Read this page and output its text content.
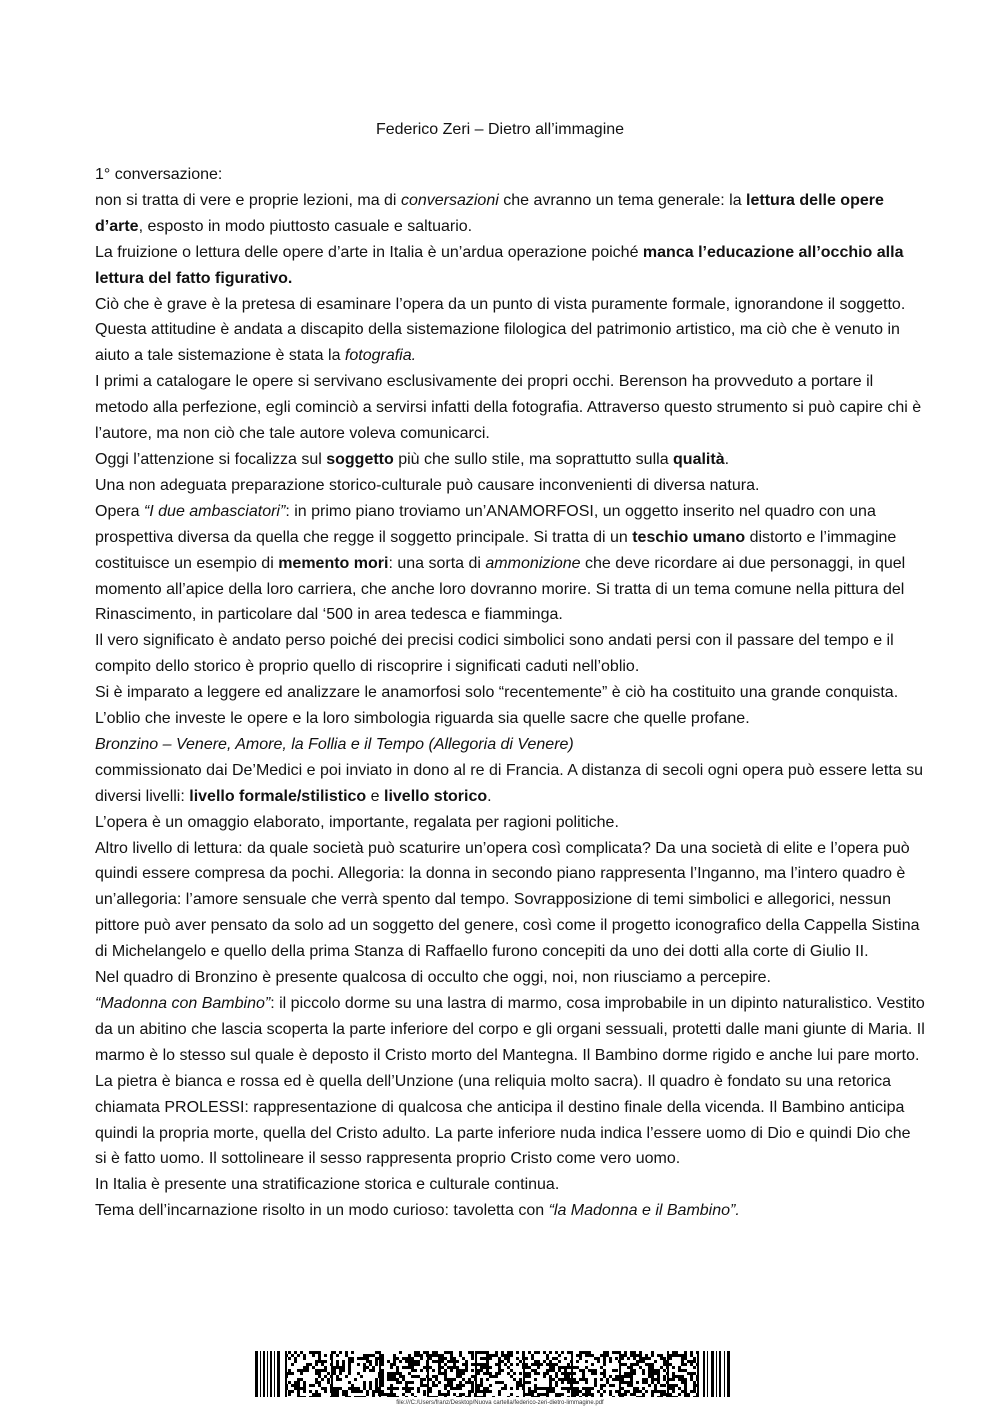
Federico Zeri – Dietro all’immagine

1° conversazione:

non si tratta di vere e proprie lezioni, ma di conversazioni che avranno un tema generale: la lettura delle opere d’arte, esposto in modo piuttosto casuale e saltuario.

La fruizione o lettura delle opere d’arte in Italia è un’ardua operazione poiché manca l’educazione all’occhio alla lettura del fatto figurativo.

Ciò che è grave è la pretesa di esaminare l’opera da un punto di vista puramente formale, ignorandone il soggetto. Questa attitudine è andata a discapito della sistemazione filologica del patrimonio artistico, ma ciò che è venuto in aiuto a tale sistemazione è stata la fotografia.

I primi a catalogare le opere si servivano esclusivamente dei propri occhi. Berenson ha provveduto a portare il metodo alla perfezione, egli cominciò a servirsi infatti della fotografia. Attraverso questo strumento si può capire chi è l’autore, ma non ciò che tale autore voleva comunicarci.

Oggi l’attenzione si focalizza sul soggetto più che sullo stile, ma soprattutto sulla qualità.

Una non adeguata preparazione storico-culturale può causare inconvenienti di diversa natura.

Opera “I due ambasciatori”: in primo piano troviamo un’ANAMORFOSI, un oggetto inserito nel quadro con una prospettiva diversa da quella che regge il soggetto principale. Si tratta di un teschio umano distorto e l’immagine costituisce un esempio di memento mori: una sorta di ammonizione che deve ricordare ai due personaggi, in quel momento all’apice della loro carriera, che anche loro dovranno morire. Si tratta di un tema comune nella pittura del Rinascimento, in particolare dal ‘500 in area tedesca e fiamminga.

Il vero significato è andato perso poiché dei precisi codici simbolici sono andati persi con il passare del tempo e il compito dello storico è proprio quello di riscoprire i significati caduti nell’oblio.

Si è imparato a leggere ed analizzare le anamorfosi solo “recentemente” è ciò ha costituito una grande conquista. L’oblio che investe le opere e la loro simbologia riguarda sia quelle sacre che quelle profane.

Bronzino – Venere, Amore, la Follia e il Tempo (Allegoria di Venere)

commissionato dai De’Medici e poi inviato in dono al re di Francia. A distanza di secoli ogni opera può essere letta su diversi livelli: livello formale/stilistico e livello storico.

L’opera è un omaggio elaborato, importante, regalata per ragioni politiche.

Altro livello di lettura: da quale società può scaturire un’opera così complicata? Da una società di elite e l’opera può quindi essere compresa da pochi. Allegoria: la donna in secondo piano rappresenta l’Inganno, ma l’intero quadro è un’allegoria: l’amore sensuale che verrà spento dal tempo. Sovrapposizione di temi simbolici e allegorici, nessun pittore può aver pensato da solo ad un soggetto del genere, così come il progetto iconografico della Cappella Sistina di Michelangelo e quello della prima Stanza di Raffaello furono concepiti da uno dei dotti alla corte di Giulio II.

Nel quadro di Bronzino è presente qualcosa di occulto che oggi, noi, non riusciamo a percepire.

“Madonna con Bambino”: il piccolo dorme su una lastra di marmo, cosa improbabile in un dipinto naturalistico. Vestito da un abitino che lascia scoperta la parte inferiore del corpo e gli organi sessuali, protetti dalle mani giunte di Maria. Il marmo è lo stesso sul quale è deposto il Cristo morto del Mantegna. Il Bambino dorme rigido e anche lui pare morto. La pietra è bianca e rossa ed è quella dell’Unzione (una reliquia molto sacra). Il quadro è fondato su una retorica chiamata PROLESSI: rappresentazione di qualcosa che anticipa il destino finale della vicenda. Il Bambino anticipa quindi la propria morte, quella del Cristo adulto. La parte inferiore nuda indica l’essere uomo di Dio e quindi Dio che si è fatto uomo. Il sottolineare il sesso rappresenta proprio Cristo come vero uomo.

In Italia è presente una stratificazione storica e culturale continua.

Tema dell’incarnazione risolto in un modo curioso: tavoletta con “la Madonna e il Bambino”.

file:///C:/Users/franz/Desktop/Nuova cartella/federico-zeri-dietro-limmagine.pdf
